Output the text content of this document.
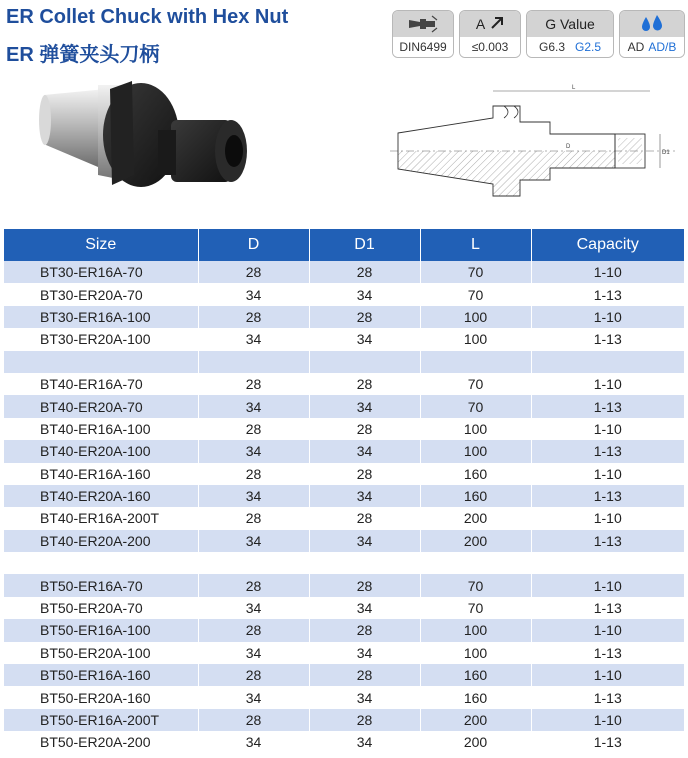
ER Collet Chuck with Hex Nut
ER 弹簧夹头刀柄	DIN6499
A
≤0.003
G Value
G6.3 G2.5 AD AD/B
L
D1
D
Size	D	D1	L	Capacity
BT30-ER16A-70	28	28	70	1-10
BT30-ER20A-70	34	34	70	1-13
BT30-ER16A-100	28	28	100	1-10
BT30-ER20A-100	34	34	100	1-13

BT40-ER16A-70	28	28	70	1-10
BT40-ER20A-70	34	34	70	1-13
BT40-ER16A-100	28	28	100	1-10
BT40-ER20A-100	34	34	100	1-13
BT40-ER16A-160	28	28	160	1-10
BT40-ER20A-160	34	34	160	1-13
BT40-ER16A-200T	28	28	200	1-10
BT40-ER20A-200	34	34	200	1-13

BT50-ER16A-70	28	28	70	1-10
BT50-ER20A-70	34	34	70	1-13
BT50-ER16A-100	28	28	100	1-10
BT50-ER20A-100	34	34	100	1-13
BT50-ER16A-160	28	28	160	1-10
BT50-ER20A-160	34	34	160	1-13
BT50-ER16A-200T	28	28	200	1-10
BT50-ER20A-200	34	34	200	1-13
